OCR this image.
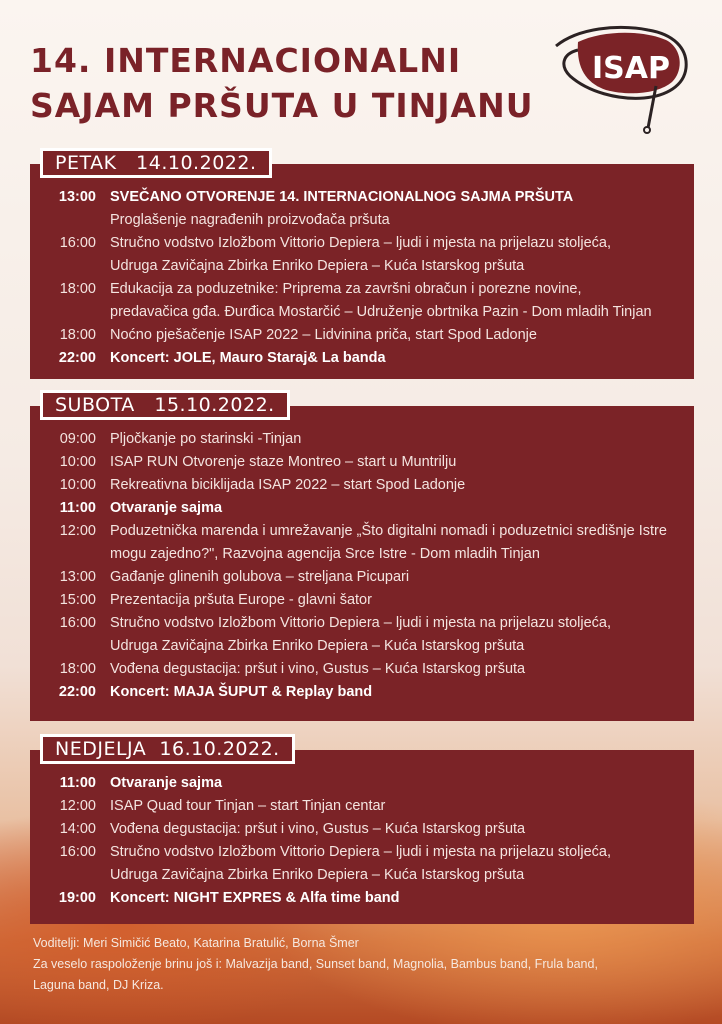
14. INTERNACIONALNI
SAJAM PRŠUTA U TINJANU
ISAP
PETAK   14.10.2022.
13:00 SVEČANO OTVORENJE 14. INTERNACIONALNOG SAJMA PRŠUTA
Proglašenje nagrađenih proizvođača pršuta
16:00 Stručno vodstvo Izložbom Vittorio Depiera – ljudi i mjesta na prijelazu stoljeća,
Udruga Zavičajna Zbirka Enriko Depiera – Kuća Istarskog pršuta
18:00 Edukacija za poduzetnike: Priprema za završni obračun i porezne novine,
predavačica gđa. Đurđica Mostarčić – Udruženje obrtnika Pazin - Dom mladih Tinjan
18:00 Noćno pješačenje ISAP 2022 – Lidvinina priča, start Spod Ladonje
22:00 Koncert: JOLE, Mauro Staraj& La banda
SUBOTA   15.10.2022.
09:00 Pljočkanje po starinski -Tinjan
10:00 ISAP RUN Otvorenje staze Montreo – start u Muntrilju
10:00 Rekreativna biciklijada ISAP 2022 – start Spod Ladonje
11:00 Otvaranje sajma
12:00 Poduzetnička marenda i umrežavanje „Što digitalni nomadi i poduzetnici središnje Istre
mogu zajedno?", Razvojna agencija Srce Istre - Dom mladih Tinjan
13:00 Gađanje glinenih golubova – streljana Picupari
15:00 Prezentacija pršuta Europe - glavni šator
16:00 Stručno vodstvo Izložbom Vittorio Depiera – ljudi i mjesta na prijelazu stoljeća,
Udruga Zavičajna Zbirka Enriko Depiera – Kuća Istarskog pršuta
18:00 Vođena degustacija: pršut i vino, Gustus – Kuća Istarskog pršuta
22:00 Koncert: MAJA ŠUPUT & Replay band
NEDJELJA  16.10.2022.
11:00 Otvaranje sajma
12:00 ISAP Quad tour Tinjan – start Tinjan centar
14:00 Vođena degustacija: pršut i vino, Gustus – Kuća Istarskog pršuta
16:00 Stručno vodstvo Izložbom Vittorio Depiera – ljudi i mjesta na prijelazu stoljeća,
Udruga Zavičajna Zbirka Enriko Depiera – Kuća Istarskog pršuta
19:00 Koncert: NIGHT EXPRES & Alfa time band
Voditelji: Meri Simičić Beato, Katarina Bratulić, Borna Šmer
Za veselo raspoloženje brinu još i: Malvazija band, Sunset band, Magnolia, Bambus band, Frula band,
Laguna band, DJ Kriza.
